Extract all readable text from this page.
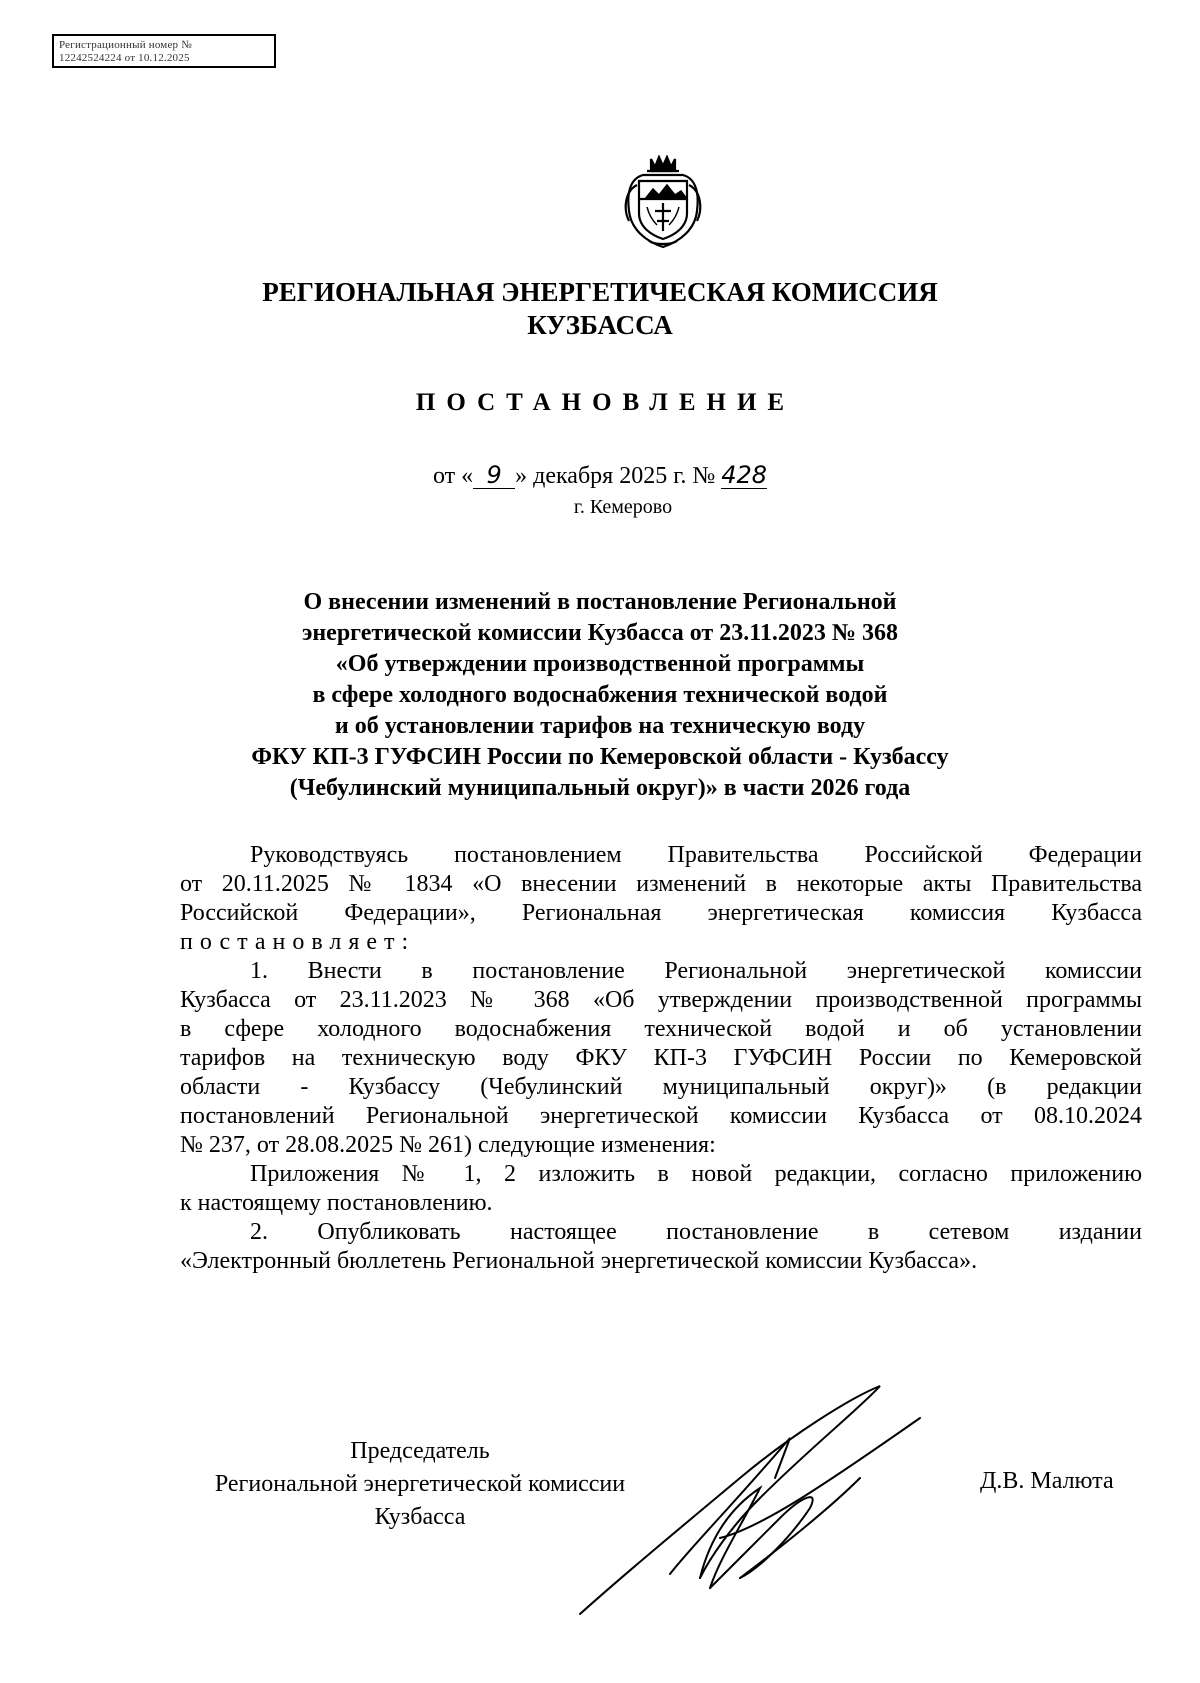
Регистрационный номер №
12242524224 от 10.12.2025
РЕГИОНАЛЬНАЯ ЭНЕРГЕТИЧЕСКАЯ КОМИССИЯ
КУЗБАССА
ПОСТАНОВЛЕНИЕ
от « 9 » декабря 2025 г. № 428
г. Кемерово
О внесении изменений в постановление Региональной
энергетической комиссии Кузбасса от 23.11.2023 № 368
«Об утверждении производственной программы
в сфере холодного водоснабжения технической водой
и об установлении тарифов на техническую воду
ФКУ КП-3 ГУФСИН России по Кемеровской области - Кузбассу
(Чебулинский муниципальный округ)» в части 2026 года

Руководствуясь постановлением Правительства Российской Федерации

от 20.11.2025 № 1834 «О внесении изменений в некоторые акты Правительства

Российской Федерации», Региональная энергетическая комиссия Кузбасса

постановляет:

1. Внести в постановление Региональной энергетической комиссии

Кузбасса от 23.11.2023 № 368 «Об утверждении производственной программы

в сфере холодного водоснабжения технической водой и об установлении

тарифов на техническую воду ФКУ КП-3 ГУФСИН России по Кемеровской

области - Кузбассу (Чебулинский муниципальный округ)» (в редакции

постановлений Региональной энергетической комиссии Кузбасса от 08.10.2024

№ 237, от 28.08.2025 № 261) следующие изменения:

Приложения № 1, 2 изложить в новой редакции, согласно приложению

к настоящему постановлению.

2. Опубликовать настоящее постановление в сетевом издании

«Электронный бюллетень Региональной энергетической комиссии Кузбасса».

Председатель
Региональной энергетической комиссии
Кузбасса
Д.В. Малюта
